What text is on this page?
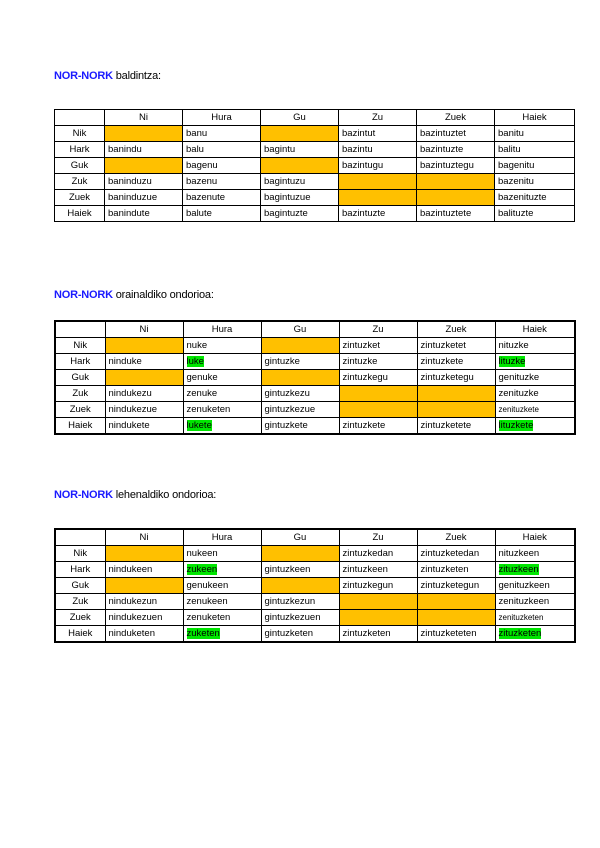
NOR-NORK baldintza:
	Ni	Hura	Gu	Zu	Zuek	Haiek
Nik		banu		bazintut	bazintuztet	banitu
Hark	banindu	balu	bagintu	bazintu	bazintuzte	balitu
Guk		bagenu		bazintugu	bazintuztegu	bagenitu
Zuk	baninduzu	bazenu	bagintuzu			bazenitu
Zuek	baninduzue	bazenute	bagintuzue			bazenituzte
Haiek	banindute	balute	bagintuzte	bazintuzte	bazintuztete	balituzte
NOR-NORK orainaldiko ondorioa:
	Ni	Hura	Gu	Zu	Zuek	Haiek
Nik		nuke		zintuzket	zintuzketet	nituzke
Hark	ninduke	luke	gintuzke	zintuzke	zintuzkete	lituzke
Guk		genuke		zintuzkegu	zintuzketegu	genituzke
Zuk	nindukezu	zenuke	gintuzkezu			zenituzke
Zuek	nindukezue	zenuketen	gintuzkezue			zenituzkete
Haiek	nindukete	lukete	gintuzkete	zintuzkete	zintuzketete	lituzkete
NOR-NORK lehenaldiko ondorioa:
	Ni	Hura	Gu	Zu	Zuek	Haiek
Nik		nukeen		zintuzkedan	zintuzketedan	nituzkeen
Hark	nindukeen	zukeen	gintuzkeen	zintuzkeen	zintuzketen	zituzkeen
Guk		genukeen		zintuzkegun	zintuzketegun	genituzkeen
Zuk	nindukezun	zenukeen	gintuzkezun			zenituzkeen
Zuek	nindukezuen	zenuketen	gintuzkezuen			zenituzketen
Haiek	ninduketen	zuketen	gintuzketen	zintuzketen	zintuzketeten	zituzketen
